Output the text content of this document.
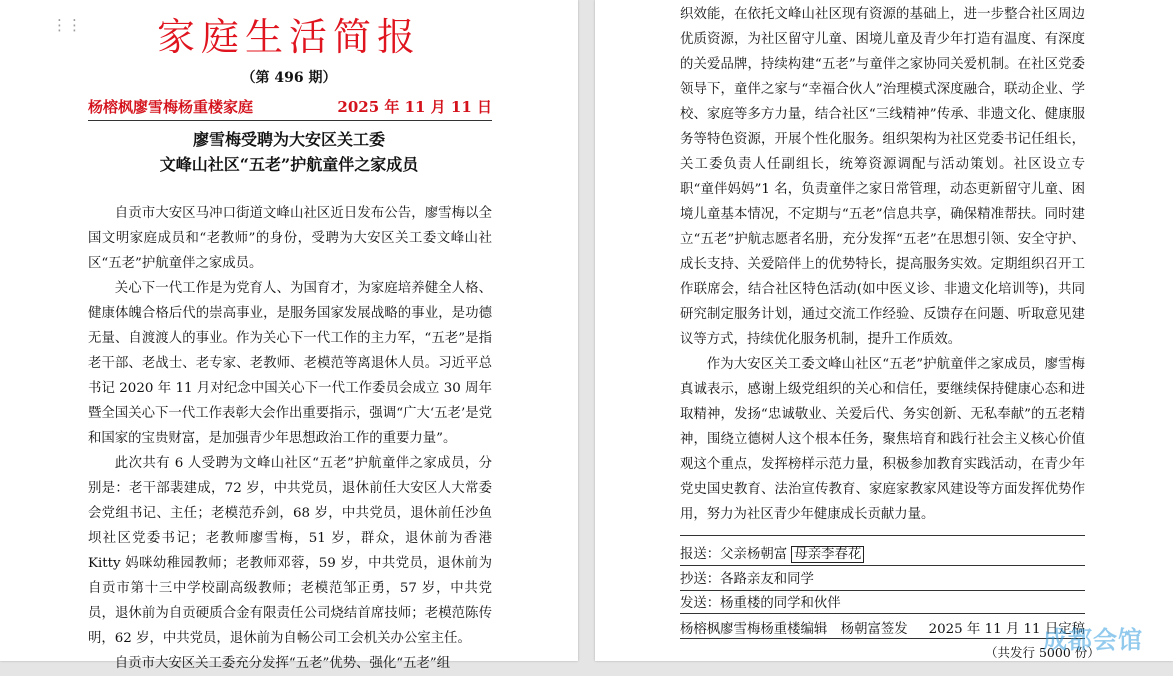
⋮⋮	家庭生活简报
（第 496 期）
杨榕枫廖雪梅杨重楼家庭	2025 年 11 月 11 日
廖雪梅受聘为大安区关工委
文峰山社区“五老”护航童伴之家成员

自贡市大安区马冲口街道文峰山社区近日发布公告，廖雪梅以全国文明家庭成员和“老教师”的身份，受聘为大安区关工委文峰山社区“五老”护航童伴之家成员。

关心下一代工作是为党育人、为国育才，为家庭培养健全人格、健康体魄合格后代的崇高事业，是服务国家发展战略的事业，是功德无量、自渡渡人的事业。作为关心下一代工作的主力军，“五老”是指老干部、老战士、老专家、老教师、老模范等离退休人员。习近平总书记 2020 年 11 月对纪念中国关心下一代工作委员会成立 30 周年暨全国关心下一代工作表彰大会作出重要指示，强调“广大‘五老’是党和国家的宝贵财富，是加强青少年思想政治工作的重要力量”。

此次共有 6 人受聘为文峰山社区“五老”护航童伴之家成员，分别是：老干部裴建成，72 岁，中共党员，退休前任大安区人大常委会党组书记、主任；老模范乔剑，68 岁，中共党员，退休前任沙鱼坝社区党委书记；老教师廖雪梅，51 岁，群众，退休前为香港 Kitty 妈咪幼稚园教师；老教师邓蓉，59 岁，中共党员，退休前为自贡市第十三中学校副高级教师；老模范邹正勇，57 岁，中共党员，退休前为自贡硬质合金有限责任公司烧结首席技师；老模范陈传明，62 岁，中共党员，退休前为自畅公司工会机关办公室主任。

自贡市大安区关工委充分发挥“五老”优势、强化“五老”组

织效能，在依托文峰山社区现有资源的基础上，进一步整合社区周边优质资源，为社区留守儿童、困境儿童及青少年打造有温度、有深度的关爱品牌，持续构建“五老”与童伴之家协同关爱机制。在社区党委领导下，童伴之家与“幸福合伙人”治理模式深度融合，联动企业、学校、家庭等多方力量，结合社区“三线精神”传承、非遗文化、健康服务等特色资源，开展个性化服务。组织架构为社区党委书记任组长，关工委负责人任副组长，统筹资源调配与活动策划。社区设立专职“童伴妈妈”1 名，负责童伴之家日常管理，动态更新留守儿童、困境儿童基本情况，不定期与“五老”信息共享，确保精准帮扶。同时建立“五老”护航志愿者名册，充分发挥“五老”在思想引领、安全守护、成长支持、关爱陪伴上的优势特长，提高服务实效。定期组织召开工作联席会，结合社区特色活动(如中医义诊、非遗文化培训等)，共同研究制定服务计划，通过交流工作经验、反馈存在问题、听取意见建议等方式，持续优化服务机制，提升工作质效。

作为大安区关工委文峰山社区“五老”护航童伴之家成员，廖雪梅真诚表示，感谢上级党组织的关心和信任，要继续保持健康心态和进取精神，发扬“忠诚敬业、关爱后代、务实创新、无私奉献”的五老精神，围绕立德树人这个根本任务，聚焦培育和践行社会主义核心价值观这个重点，发挥榜样示范力量，积极参加教育实践活动，在青少年党史国史教育、法治宣传教育、家庭家教家风建设等方面发挥优势作用，努力为社区青少年健康成长贡献力量。

报送：父亲杨朝富 母亲李春花
抄送：各路亲友和同学
发送：杨重楼的同学和伙伴
杨榕枫廖雪梅杨重楼编辑　杨朝富签发 2025 年 11 月 11 日定稿
（共发行 5000 份）
成都会馆
